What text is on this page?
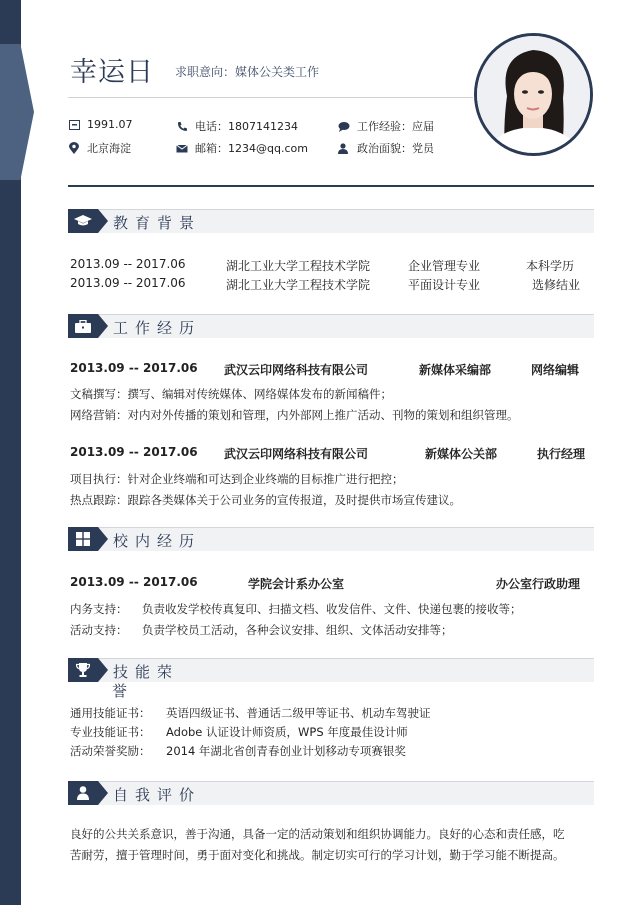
幸运日 求职意向：媒体公关类工作
1991.07	电话：1807141234	工作经验：应届
北京海淀	邮箱：1234@qq.com	政治面貌：党员
教育背景
2013.09 -- 2017.06	湖北工业大学工程技术学院	企业管理专业	本科学历
2013.09 -- 2017.06	湖北工业大学工程技术学院	平面设计专业	选修结业
工作经历
2013.09 -- 2017.06 武汉云印网络科技有限公司	新媒体采编部	网络编辑
文稿撰写：撰写、编辑对传统媒体、网络媒体发布的新闻稿件；
网络营销：对内对外传播的策划和管理，内外部网上推广活动、刊物的策划和组织管理。
2013.09 -- 2017.06 武汉云印网络科技有限公司	新媒体公关部	执行经理
项目执行：针对企业终端和可达到企业终端的目标推广进行把控；
热点跟踪：跟踪各类媒体关于公司业务的宣传报道，及时提供市场宣传建议。
校内经历
2013.09 -- 2017.06	学院会计系办公室	办公室行政助理
内务支持： 负责收发学校传真复印、扫描文档、收发信件、文件、快递包裹的接收等；
活动支持： 负责学校员工活动，各种会议安排、组织、文体活动安排等；
技能荣
誉
通用技能证书： 英语四级证书、普通话二级甲等证书、机动车驾驶证
专业技能证书： Adobe 认证设计师资质，WPS 年度最佳设计师
活动荣誉奖励： 2014 年湖北省创青春创业计划移动专项赛银奖
自我评价
良好的公共关系意识，善于沟通，具备一定的活动策划和组织协调能力。良好的心态和责任感，吃
苦耐劳，擅于管理时间，勇于面对变化和挑战。制定切实可行的学习计划，勤于学习能不断提高。
